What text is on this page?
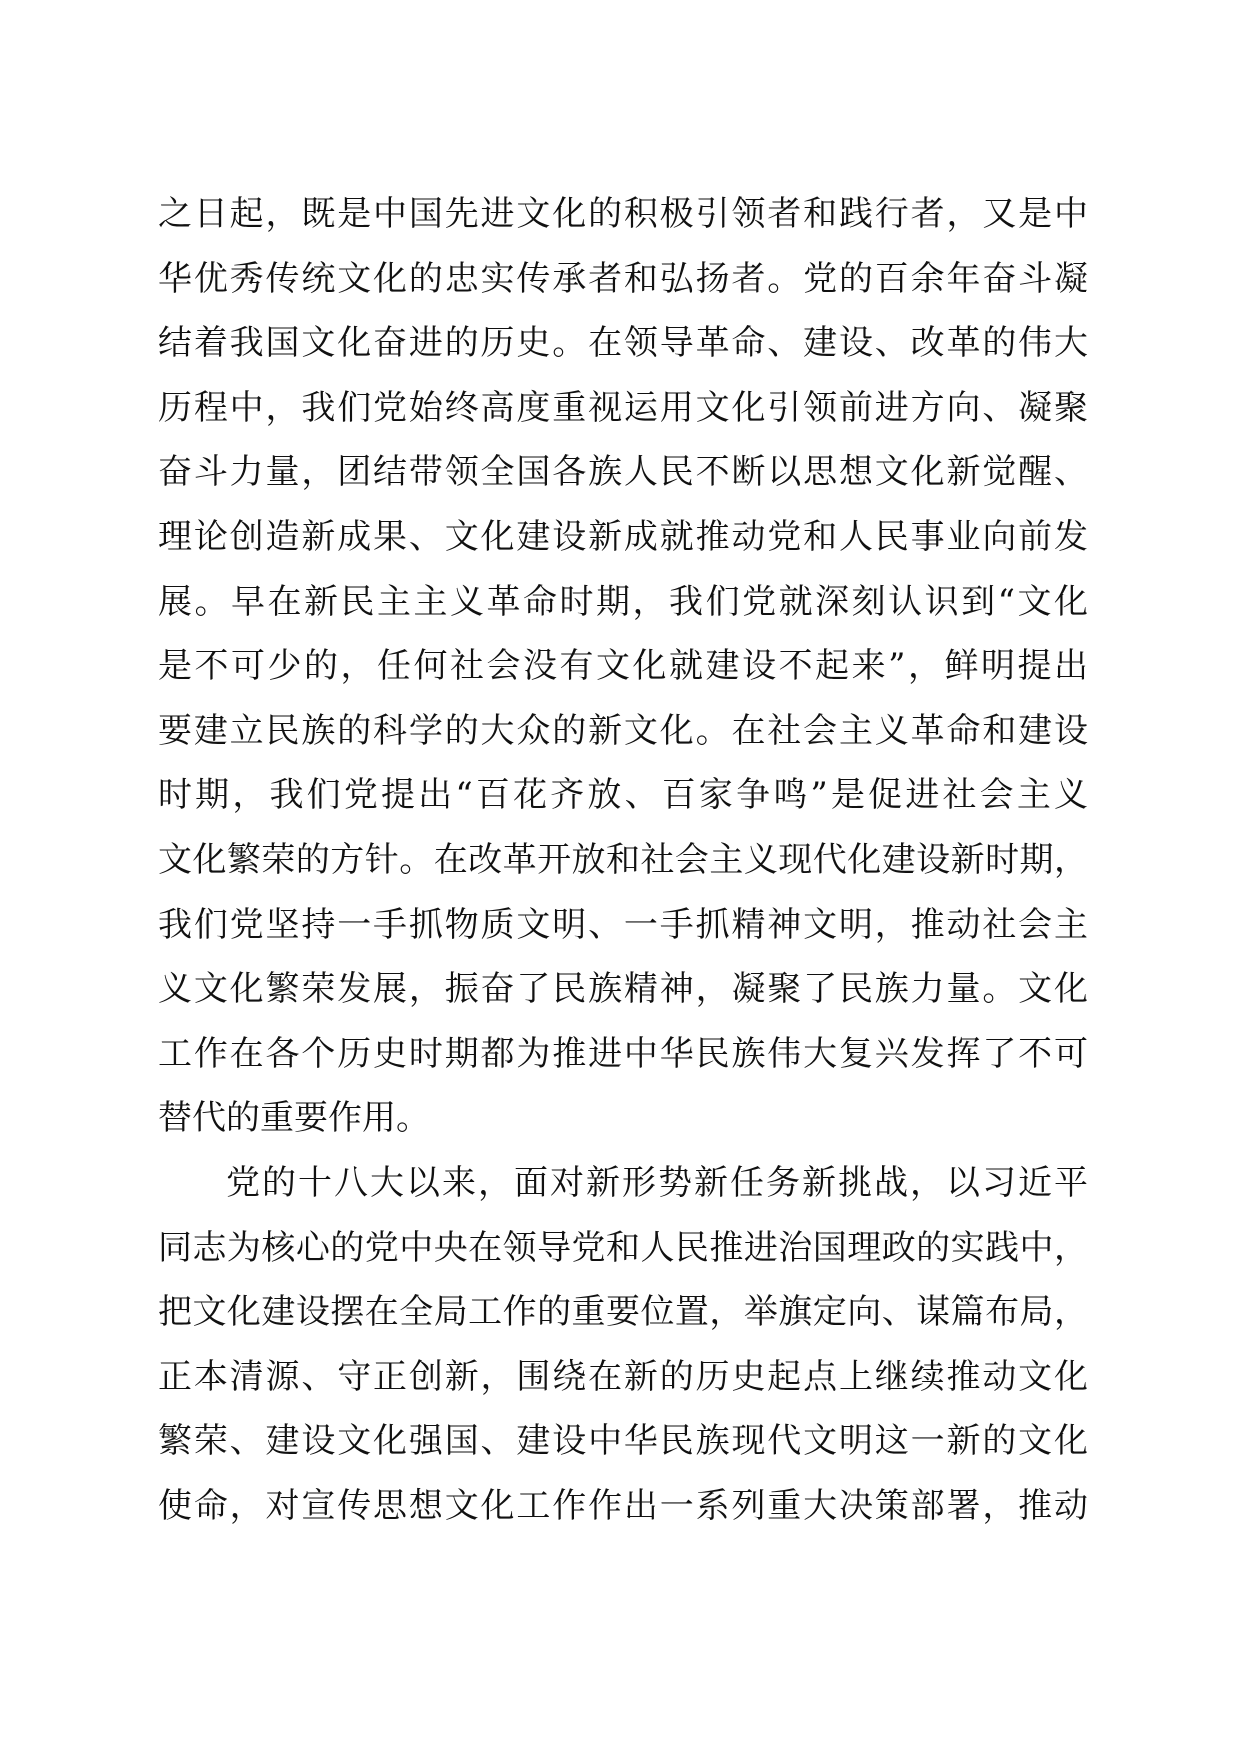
之日起，既是中国先进文化的积极引领者和践行者，又是中
华优秀传统文化的忠实传承者和弘扬者。党的百余年奋斗凝
结着我国文化奋进的历史。在领导革命、建设、改革的伟大
历程中，我们党始终高度重视运用文化引领前进方向、凝聚
奋斗力量，团结带领全国各族人民不断以思想文化新觉醒、
理论创造新成果、文化建设新成就推动党和人民事业向前发
展。早在新民主主义革命时期，我们党就深刻认识到“文化
是不可少的，任何社会没有文化就建设不起来”，鲜明提出
要建立民族的科学的大众的新文化。在社会主义革命和建设
时期，我们党提出“百花齐放、百家争鸣”是促进社会主义
文化繁荣的方针。在改革开放和社会主义现代化建设新时期，
我们党坚持一手抓物质文明、一手抓精神文明，推动社会主
义文化繁荣发展，振奋了民族精神，凝聚了民族力量。文化
工作在各个历史时期都为推进中华民族伟大复兴发挥了不可
替代的重要作用。
党的十八大以来，面对新形势新任务新挑战，以习近平
同志为核心的党中央在领导党和人民推进治国理政的实践中，
把文化建设摆在全局工作的重要位置，举旗定向、谋篇布局，
正本清源、守正创新，围绕在新的历史起点上继续推动文化
繁荣、建设文化强国、建设中华民族现代文明这一新的文化
使命，对宣传思想文化工作作出一系列重大决策部署，推动
